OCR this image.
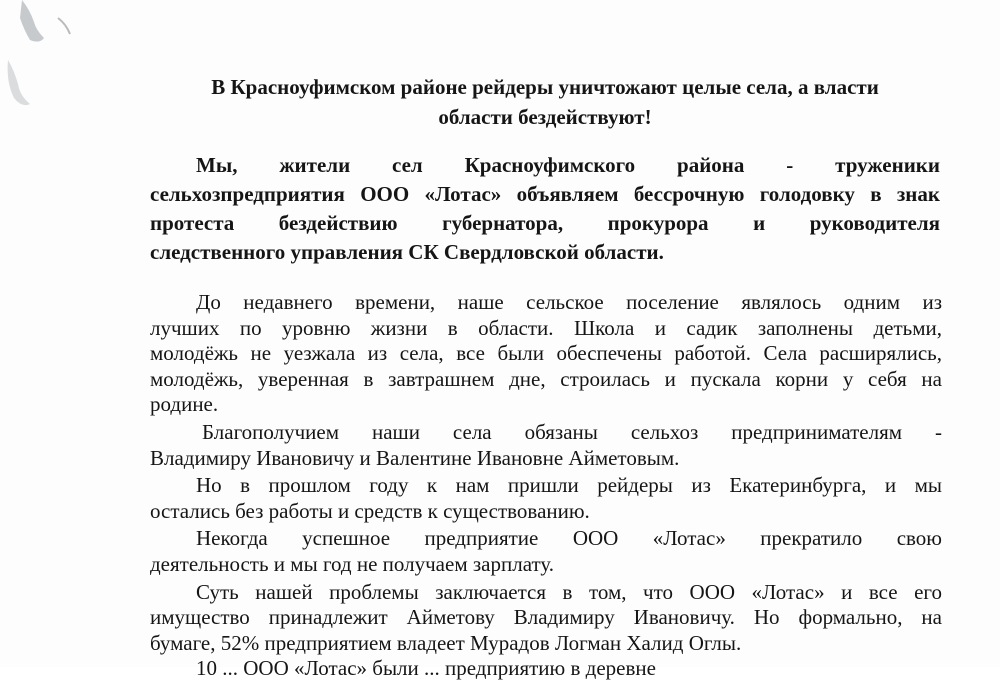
В Красноуфимском районе рейдеры уничтожают целые села, а власти
области бездействуют!
Мы, жители сел Красноуфимского района - труженики
сельхозпредприятия ООО «Лотас» объявляем бессрочную голодовку в знак
протеста бездействию губернатора, прокурора и руководителя
следственного управления СК Свердловской области.
До недавнего времени, наше сельское поселение являлось одним из
лучших по уровню жизни в области. Школа и садик заполнены детьми,
молодёжь не уезжала из села, все были обеспечены работой. Села расширялись,
молодёжь, уверенная в завтрашнем дне, строилась и пускала корни у себя на
родине.
Благополучием наши села обязаны сельхоз предпринимателям -
Владимиру Ивановичу и Валентине Ивановне Айметовым.
Но в прошлом году к нам пришли рейдеры из Екатеринбурга, и мы
остались без работы и средств к существованию.
Некогда успешное предприятие ООО «Лотас» прекратило свою
деятельность и мы год не получаем зарплату.
Суть нашей проблемы заключается в том, что ООО «Лотас» и все его
имущество принадлежит Айметову Владимиру Ивановичу. Но формально, на
бумаге, 52% предприятием владеет Мурадов Логман Халид Оглы.
10 ... ООО «Лотас» были ... предприятию в деревне
